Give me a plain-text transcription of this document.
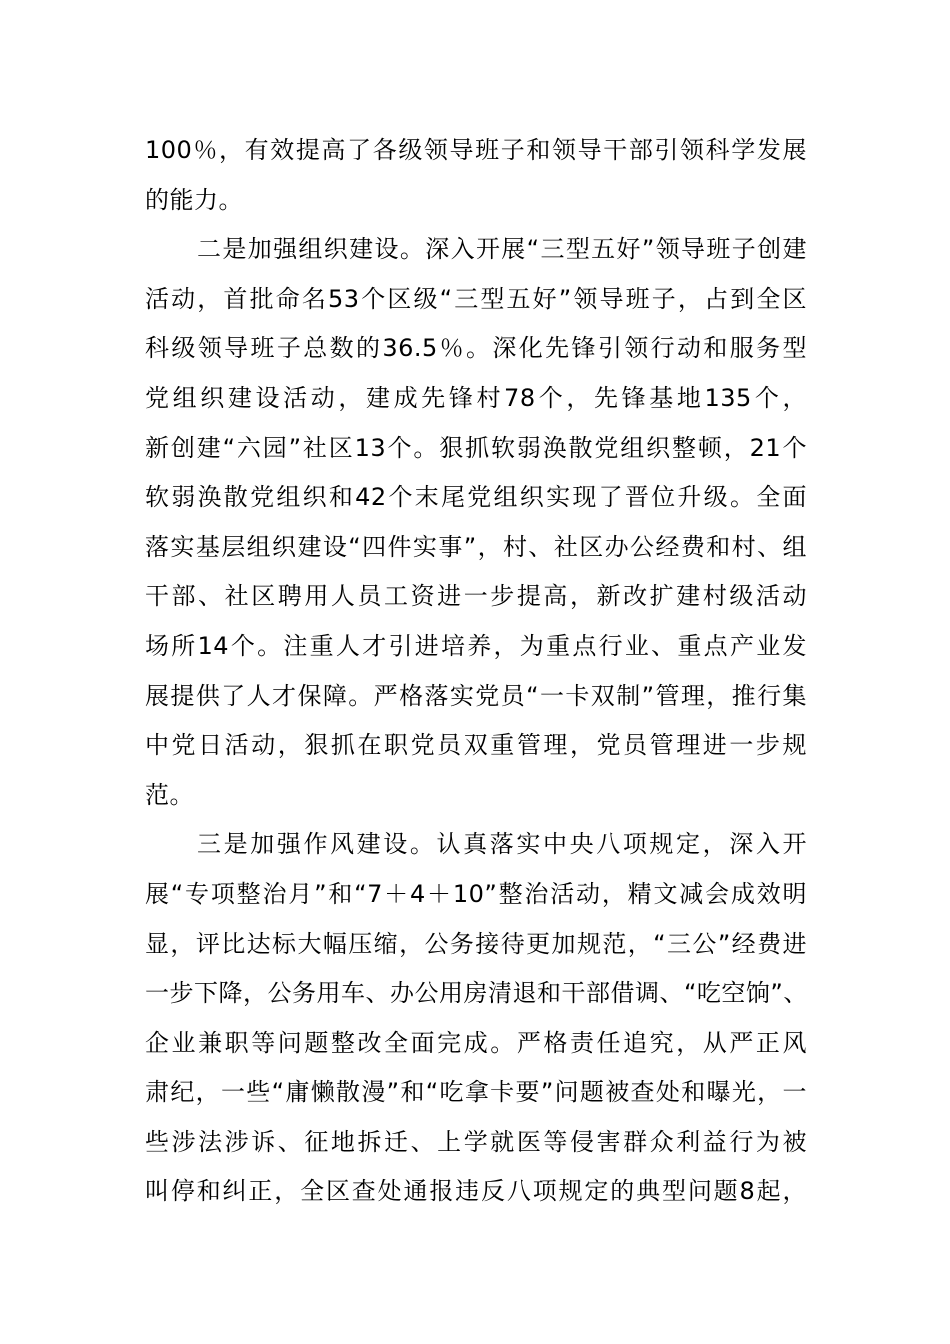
100％，有效提高了各级领导班子和领导干部引领科学发展
的能力。
二是加强组织建设。深入开展“三型五好”领导班子创建
活动，首批命名53个区级“三型五好”领导班子，占到全区
科级领导班子总数的36.5％。深化先锋引领行动和服务型
党组织建设活动，建成先锋村78个，先锋基地135个，
新创建“六园”社区13个。狠抓软弱涣散党组织整顿，21个
软弱涣散党组织和42个末尾党组织实现了晋位升级。全面
落实基层组织建设“四件实事”，村、社区办公经费和村、组
干部、社区聘用人员工资进一步提高，新改扩建村级活动
场所14个。注重人才引进培养，为重点行业、重点产业发
展提供了人才保障。严格落实党员“一卡双制”管理，推行集
中党日活动，狠抓在职党员双重管理，党员管理进一步规
范。
三是加强作风建设。认真落实中央八项规定，深入开
展“专项整治月”和“7＋4＋10”整治活动，精文减会成效明
显，评比达标大幅压缩，公务接待更加规范，“三公”经费进
一步下降，公务用车、办公用房清退和干部借调、“吃空饷”、
企业兼职等问题整改全面完成。严格责任追究，从严正风
肃纪，一些“庸懒散漫”和“吃拿卡要”问题被查处和曝光，一
些涉法涉诉、征地拆迁、上学就医等侵害群众利益行为被
叫停和纠正，全区查处通报违反八项规定的典型问题8起，
